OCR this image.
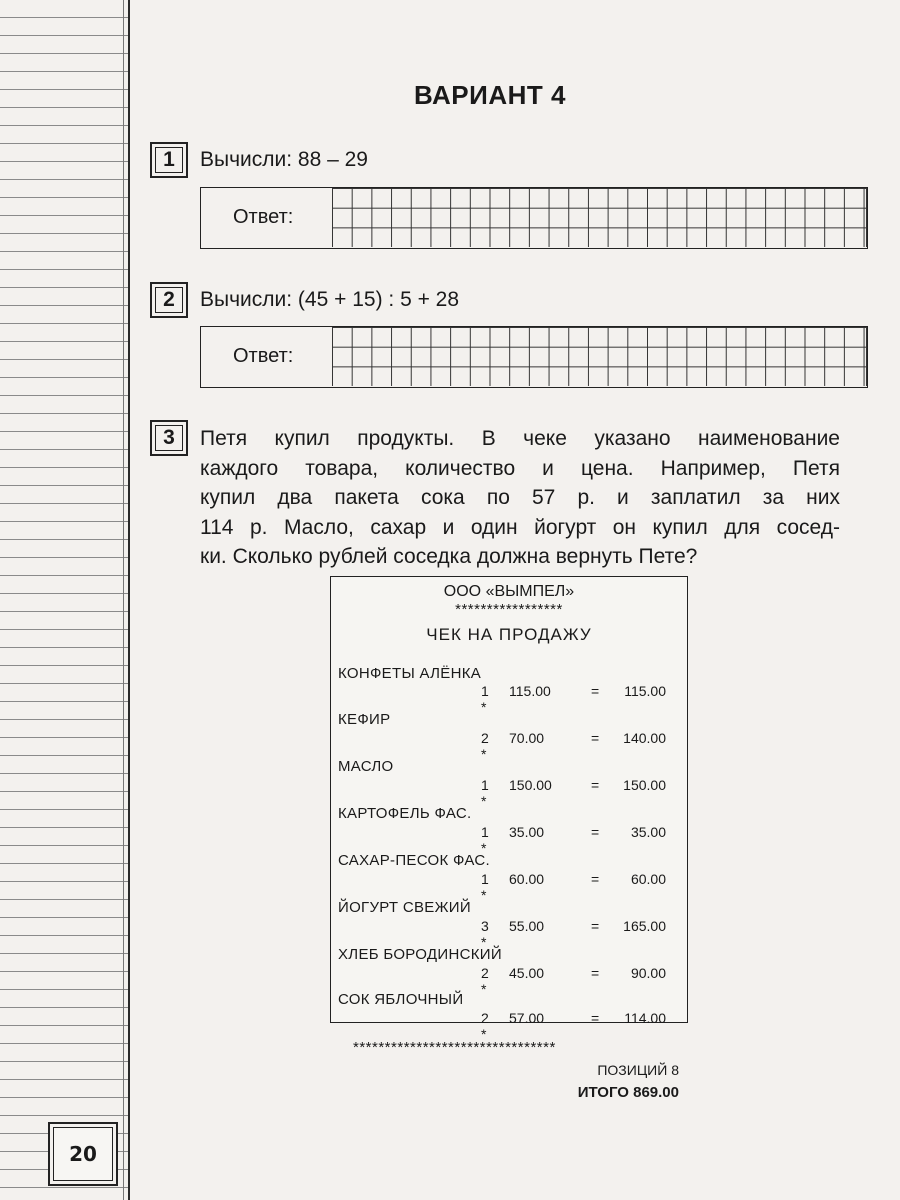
ВАРИАНТ 4
1	Вычисли: 88 – 29
Ответ:
2	Вычисли: (45 + 15) : 5 + 28
Ответ:
3	Петя купил продукты. В чеке указано наименование
каждого товара, количество и цена. Например, Петя
купил два пакета сока по 57 р. и заплатил за них
114 р. Масло, сахар и один йогурт он купил для сосед-
ки. Сколько рублей соседка должна вернуть Пете?
ООО «ВЫМПЕЛ»
*****************
ЧЕК НА ПРОДАЖУ
КОНФЕТЫ АЛЁНКА
1 *
115.00	=	115.00
КЕФИР
2 *
70.00	=	140.00
МАСЛО
1 *
150.00	=	150.00
КАРТОФЕЛЬ ФАС.
1 *
35.00	=	35.00
САХАР-ПЕСОК ФАС.
1 *
60.00	=	60.00
ЙОГУРТ СВЕЖИЙ
3 *
55.00	=	165.00
ХЛЕБ БОРОДИНСКИЙ
2 *
45.00	=	90.00
СОК ЯБЛОЧНЫЙ
2 *
57.00	=	114.00
********************************
ПОЗИЦИЙ 8
ИТОГО 869.00
20
